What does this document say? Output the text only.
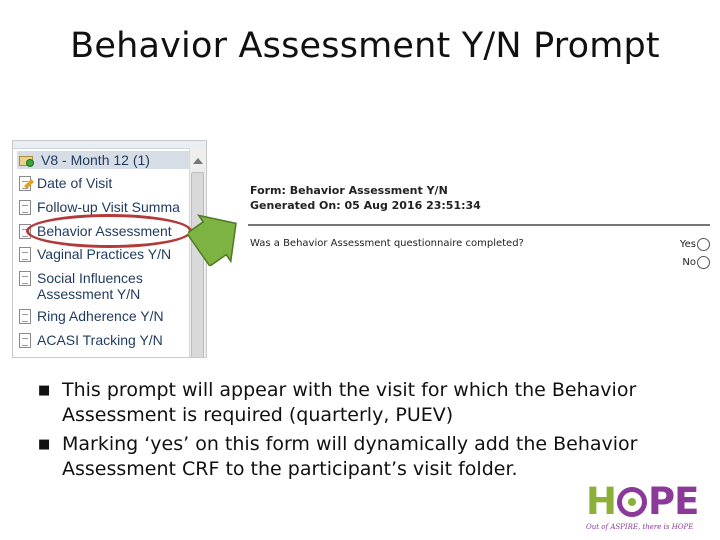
Behavior Assessment Y/N Prompt
V8 - Month 12 (1)
Date of Visit
Follow-up Visit Summa
Behavior Assessment
Vaginal Practices Y/N
Social Influences
Assessment Y/N
Ring Adherence Y/N
ACASI Tracking Y/N
Form: Behavior Assessment Y/N
Generated On: 05 Aug 2016 23:51:34
Was a Behavior Assessment questionnaire completed?	Yes
No
■ This prompt will appear with the visit for which the Behavior Assessment is required (quarterly, PUEV)
■ Marking ‘yes’ on this form will dynamically add the Behavior Assessment CRF to the participant’s visit folder.
H PE
Out of ASPIRE, there is HOPE
